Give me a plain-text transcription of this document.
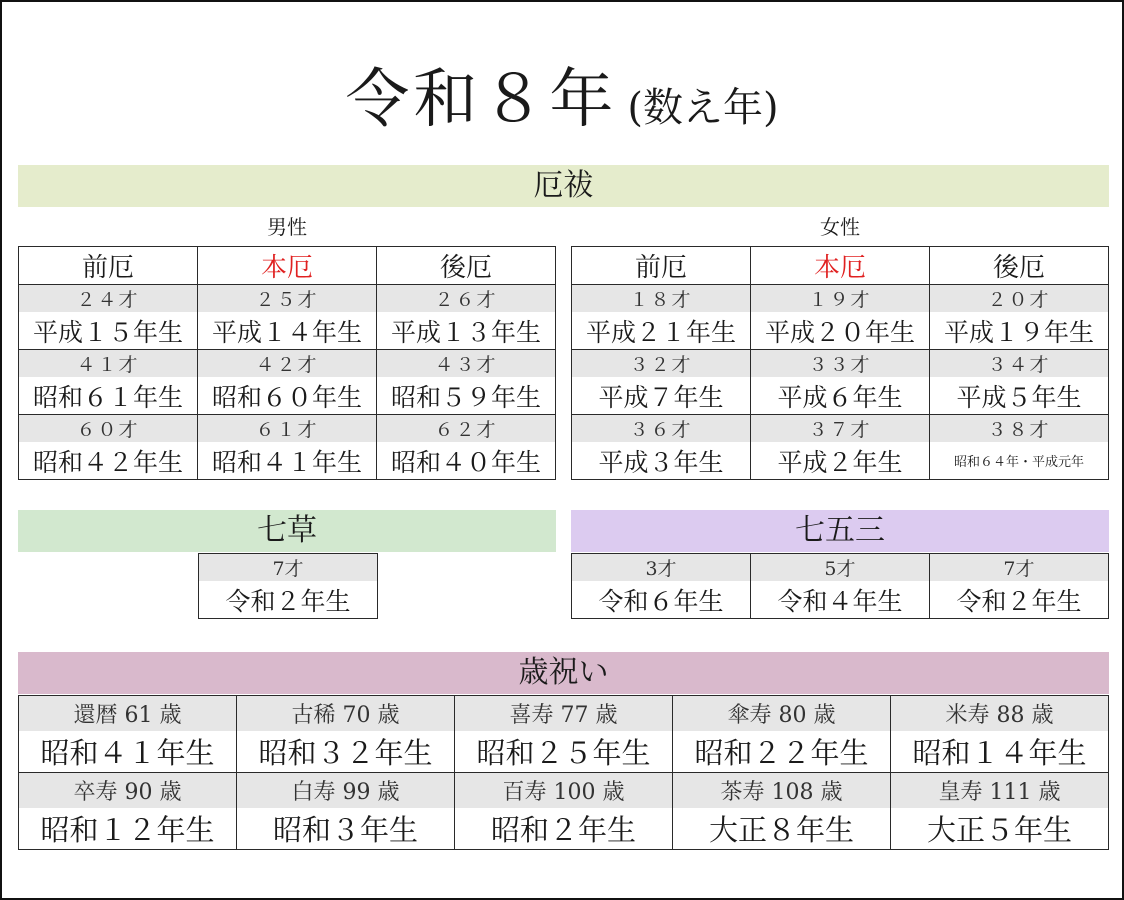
令和８年 (数え年)
厄祓
男性	女性
前厄	本厄	後厄
２４才	２５才	２６才
平成１５年生	平成１４年生	平成１３年生
４１才	４２才	４３才
昭和６１年生	昭和６０年生	昭和５９年生
６０才	６１才	６２才
昭和４２年生	昭和４１年生	昭和４０年生
前厄	本厄	後厄
１８才	１９才	２０才
平成２１年生	平成２０年生	平成１９年生
３２才	３３才	３４才
平成７年生	平成６年生	平成５年生
３６才	３７才	３８才
平成３年生	平成２年生	昭和６４年・平成元年
七草
7才
令和２年生
七五三
3才	5才	7才
令和６年生	令和４年生	令和２年生
歳祝い
還暦 61 歳	古稀 70 歳	喜寿 77 歳	傘寿 80 歳	米寿 88 歳
昭和４１年生	昭和３２年生	昭和２５年生	昭和２２年生	昭和１４年生
卒寿 90 歳	白寿 99 歳	百寿 100 歳	茶寿 108 歳	皇寿 111 歳
昭和１２年生	昭和３年生	昭和２年生	大正８年生	大正５年生
